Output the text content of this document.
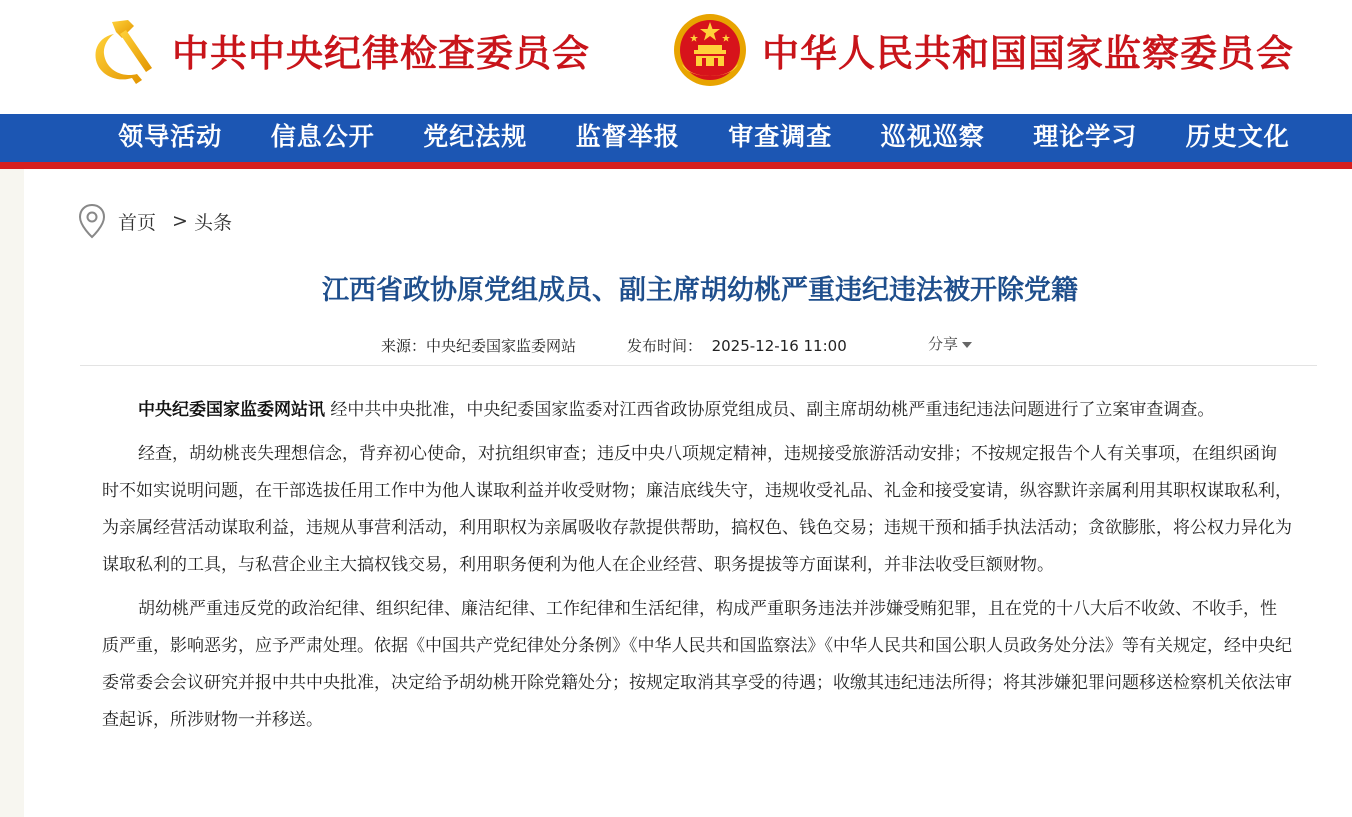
中共中央纪律检查委员会	中华人民共和国国家监察委员会
领导活动	信息公开	党纪法规	监督举报	审查调查	巡视巡察	理论学习	历史文化
首页 > 头条
江西省政协原党组成员、副主席胡幼桃严重违纪违法被开除党籍
来源：中央纪委国家监委网站	发布时间： 2025-12-16 11:00	分享

中央纪委国家监委网站讯 经中共中央批准，中央纪委国家监委对江西省政协原党组成员、副主席胡幼桃严重违纪违法问题进行了立案审查调查。

经查，胡幼桃丧失理想信念，背弃初心使命，对抗组织审查；违反中央八项规定精神，违规接受旅游活动安排；不按规定报告个人有关事项，在组织函询时不如实说明问题，在干部选拔任用工作中为他人谋取利益并收受财物；廉洁底线失守，违规收受礼品、礼金和接受宴请，纵容默许亲属利用其职权谋取私利，为亲属经营活动谋取利益，违规从事营利活动，利用职权为亲属吸收存款提供帮助，搞权色、钱色交易；违规干预和插手执法活动；贪欲膨胀，将公权力异化为谋取私利的工具，与私营企业主大搞权钱交易，利用职务便利为他人在企业经营、职务提拔等方面谋利，并非法收受巨额财物。

胡幼桃严重违反党的政治纪律、组织纪律、廉洁纪律、工作纪律和生活纪律，构成严重职务违法并涉嫌受贿犯罪，且在党的十八大后不收敛、不收手，性质严重，影响恶劣，应予严肃处理。依据《中国共产党纪律处分条例》《中华人民共和国监察法》《中华人民共和国公职人员政务处分法》等有关规定，经中央纪委常委会会议研究并报中共中央批准，决定给予胡幼桃开除党籍处分；按规定取消其享受的待遇；收缴其违纪违法所得；将其涉嫌犯罪问题移送检察机关依法审查起诉，所涉财物一并移送。
